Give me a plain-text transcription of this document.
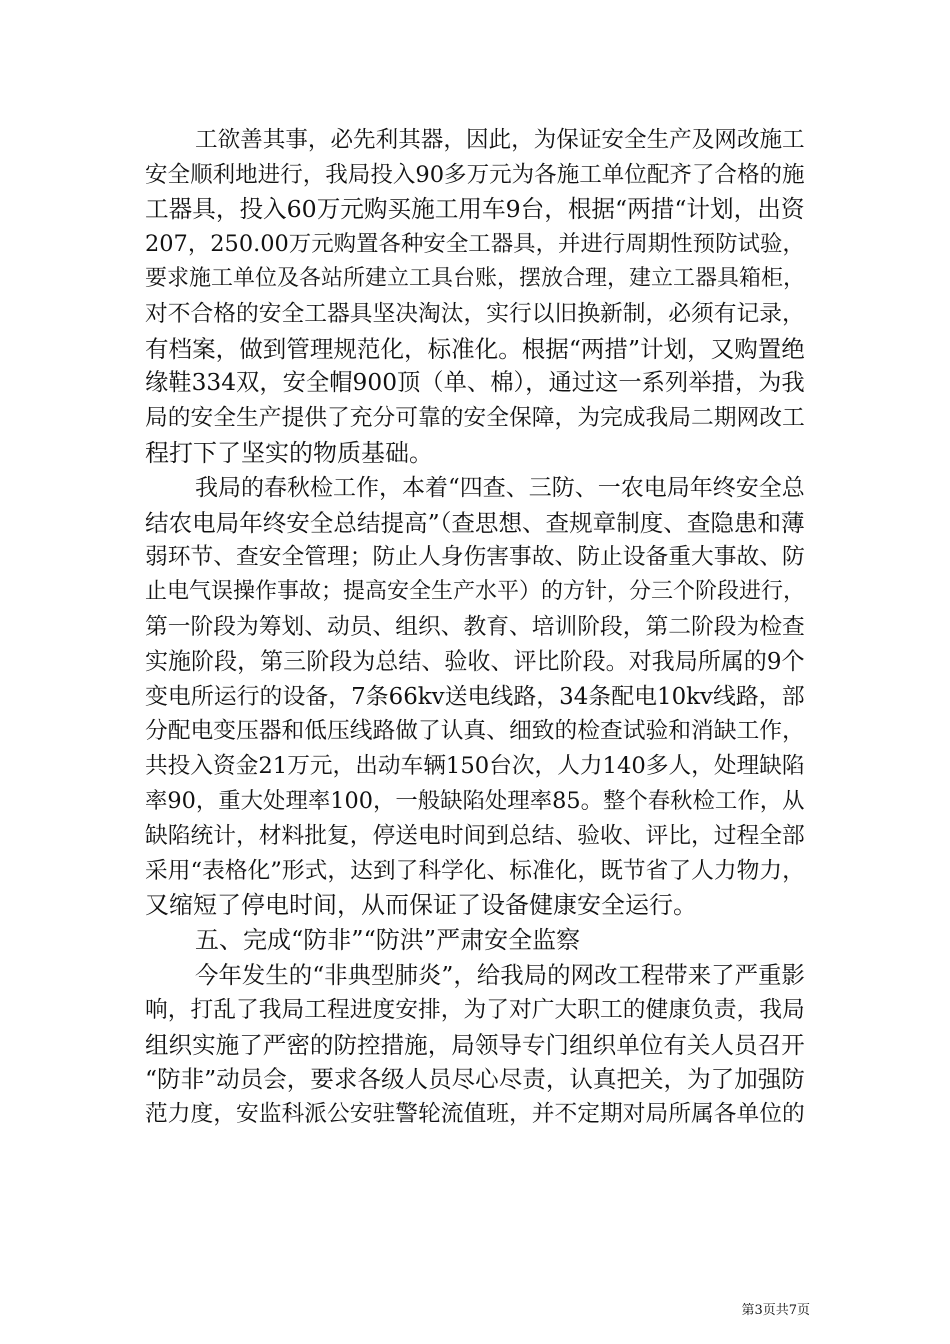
工欲善其事，必先利其器，因此，为保证安全生产及网改施工
安全顺利地进行，我局投入90多万元为各施工单位配齐了合格的施
工器具，投入60万元购买施工用车9台，根据“两措“计划，出资
207，250.00万元购置各种安全工器具，并进行周期性预防试验，
要求施工单位及各站所建立工具台账，摆放合理，建立工器具箱柜，
对不合格的安全工器具坚决淘汰，实行以旧换新制，必须有记录，
有档案，做到管理规范化，标准化。根据“两措”计划，又购置绝
缘鞋334双，安全帽900顶（单、棉），通过这一系列举措，为我
局的安全生产提供了充分可靠的安全保障，为完成我局二期网改工
程打下了坚实的物质基础。
我局的春秋检工作，本着“四查、三防、一农电局年终安全总
结农电局年终安全总结提高”（查思想、查规章制度、查隐患和薄
弱环节、查安全管理；防止人身伤害事故、防止设备重大事故、防
止电气误操作事故；提高安全生产水平）的方针，分三个阶段进行，
第一阶段为筹划、动员、组织、教育、培训阶段，第二阶段为检查
实施阶段，第三阶段为总结、验收、评比阶段。对我局所属的9个
变电所运行的设备，7条66kv送电线路，34条配电10kv线路，部
分配电变压器和低压线路做了认真、细致的检查试验和消缺工作，
共投入资金21万元，出动车辆150台次，人力140多人，处理缺陷
率90，重大处理率100，一般缺陷处理率85。整个春秋检工作，从
缺陷统计，材料批复，停送电时间到总结、验收、评比，过程全部
采用“表格化”形式，达到了科学化、标准化，既节省了人力物力，
又缩短了停电时间，从而保证了设备健康安全运行。
五、完成“防非”“防洪”严肃安全监察
今年发生的“非典型肺炎”，给我局的网改工程带来了严重影
响，打乱了我局工程进度安排，为了对广大职工的健康负责，我局
组织实施了严密的防控措施，局领导专门组织单位有关人员召开
“防非”动员会，要求各级人员尽心尽责，认真把关，为了加强防
范力度，安监科派公安驻警轮流值班，并不定期对局所属各单位的
第3页共7页
